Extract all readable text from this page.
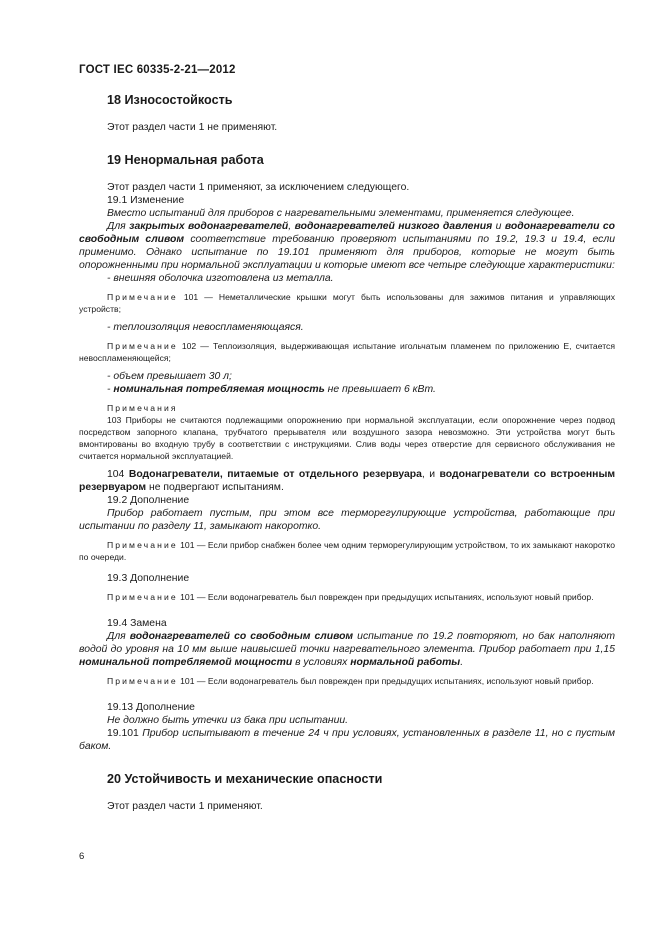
ГОСТ IEC 60335-2-21—2012
18 Износостойкость

Этот раздел части 1 не применяют.

19 Ненормальная работа

Этот раздел части 1 применяют, за исключением следующего.

19.1 Изменение

Вместо испытаний для приборов с нагревательными элементами, применяется следующее.

Для закрытых водонагревателей, водонагревателей низкого давления и водонагреватели со свободным сливом соответствие требованию проверяют испытаниями по 19.2, 19.3 и 19.4, если применимо. Однако испытание по 19.101 применяют для приборов, которые не могут быть опорожненными при нормальной эксплуатации и которые имеют все четыре следующие характеристики:

- внешняя оболочка изготовлена из металла.

Примечание 101 — Неметаллические крышки могут быть использованы для зажимов питания и управляющих устройств;

- теплоизоляция невоспламеняющаяся.

Примечание 102 — Теплоизоляция, выдерживающая испытание игольчатым пламенем по приложению Е, считается невоспламеняющейся;

- объем превышает 30 л;

- номинальная потребляемая мощность не превышает 6 кВт.

Примечания

103 Приборы не считаются подлежащими опорожнению при нормальной эксплуатации, если опорожнение через подвод посредством запорного клапана, трубчатого прерывателя или воздушного зазора невозможно. Эти устройства могут быть вмонтированы во входную трубу в соответствии с инструкциями. Слив воды через отверстие для сервисного обслуживания не считается нормальной эксплуатацией.

104 Водонагреватели, питаемые от отдельного резервуара, и водонагреватели со встроенным резервуаром не подвергают испытаниям.

19.2 Дополнение

Прибор работает пустым, при этом все терморегулирующие устройства, работающие при испытании по разделу 11, замыкают накоротко.

Примечание 101 — Если прибор снабжен более чем одним терморегулирующим устройством, то их замыкают накоротко по очереди.

19.3 Дополнение

Примечание 101 — Если водонагреватель был поврежден при предыдущих испытаниях, используют новый прибор.

19.4 Замена

Для водонагревателей со свободным сливом испытание по 19.2 повторяют, но бак наполняют водой до уровня на 10 мм выше наивысшей точки нагревательного элемента. Прибор работает при 1,15 номинальной потребляемой мощности в условиях нормальной работы.

Примечание 101 — Если водонагреватель был поврежден при предыдущих испытаниях, используют новый прибор.

19.13 Дополнение

Не должно быть утечки из бака при испытании.

19.101 Прибор испытывают в течение 24 ч при условиях, установленных в разделе 11, но с пустым баком.

20 Устойчивость и механические опасности

Этот раздел части 1 применяют.

6
